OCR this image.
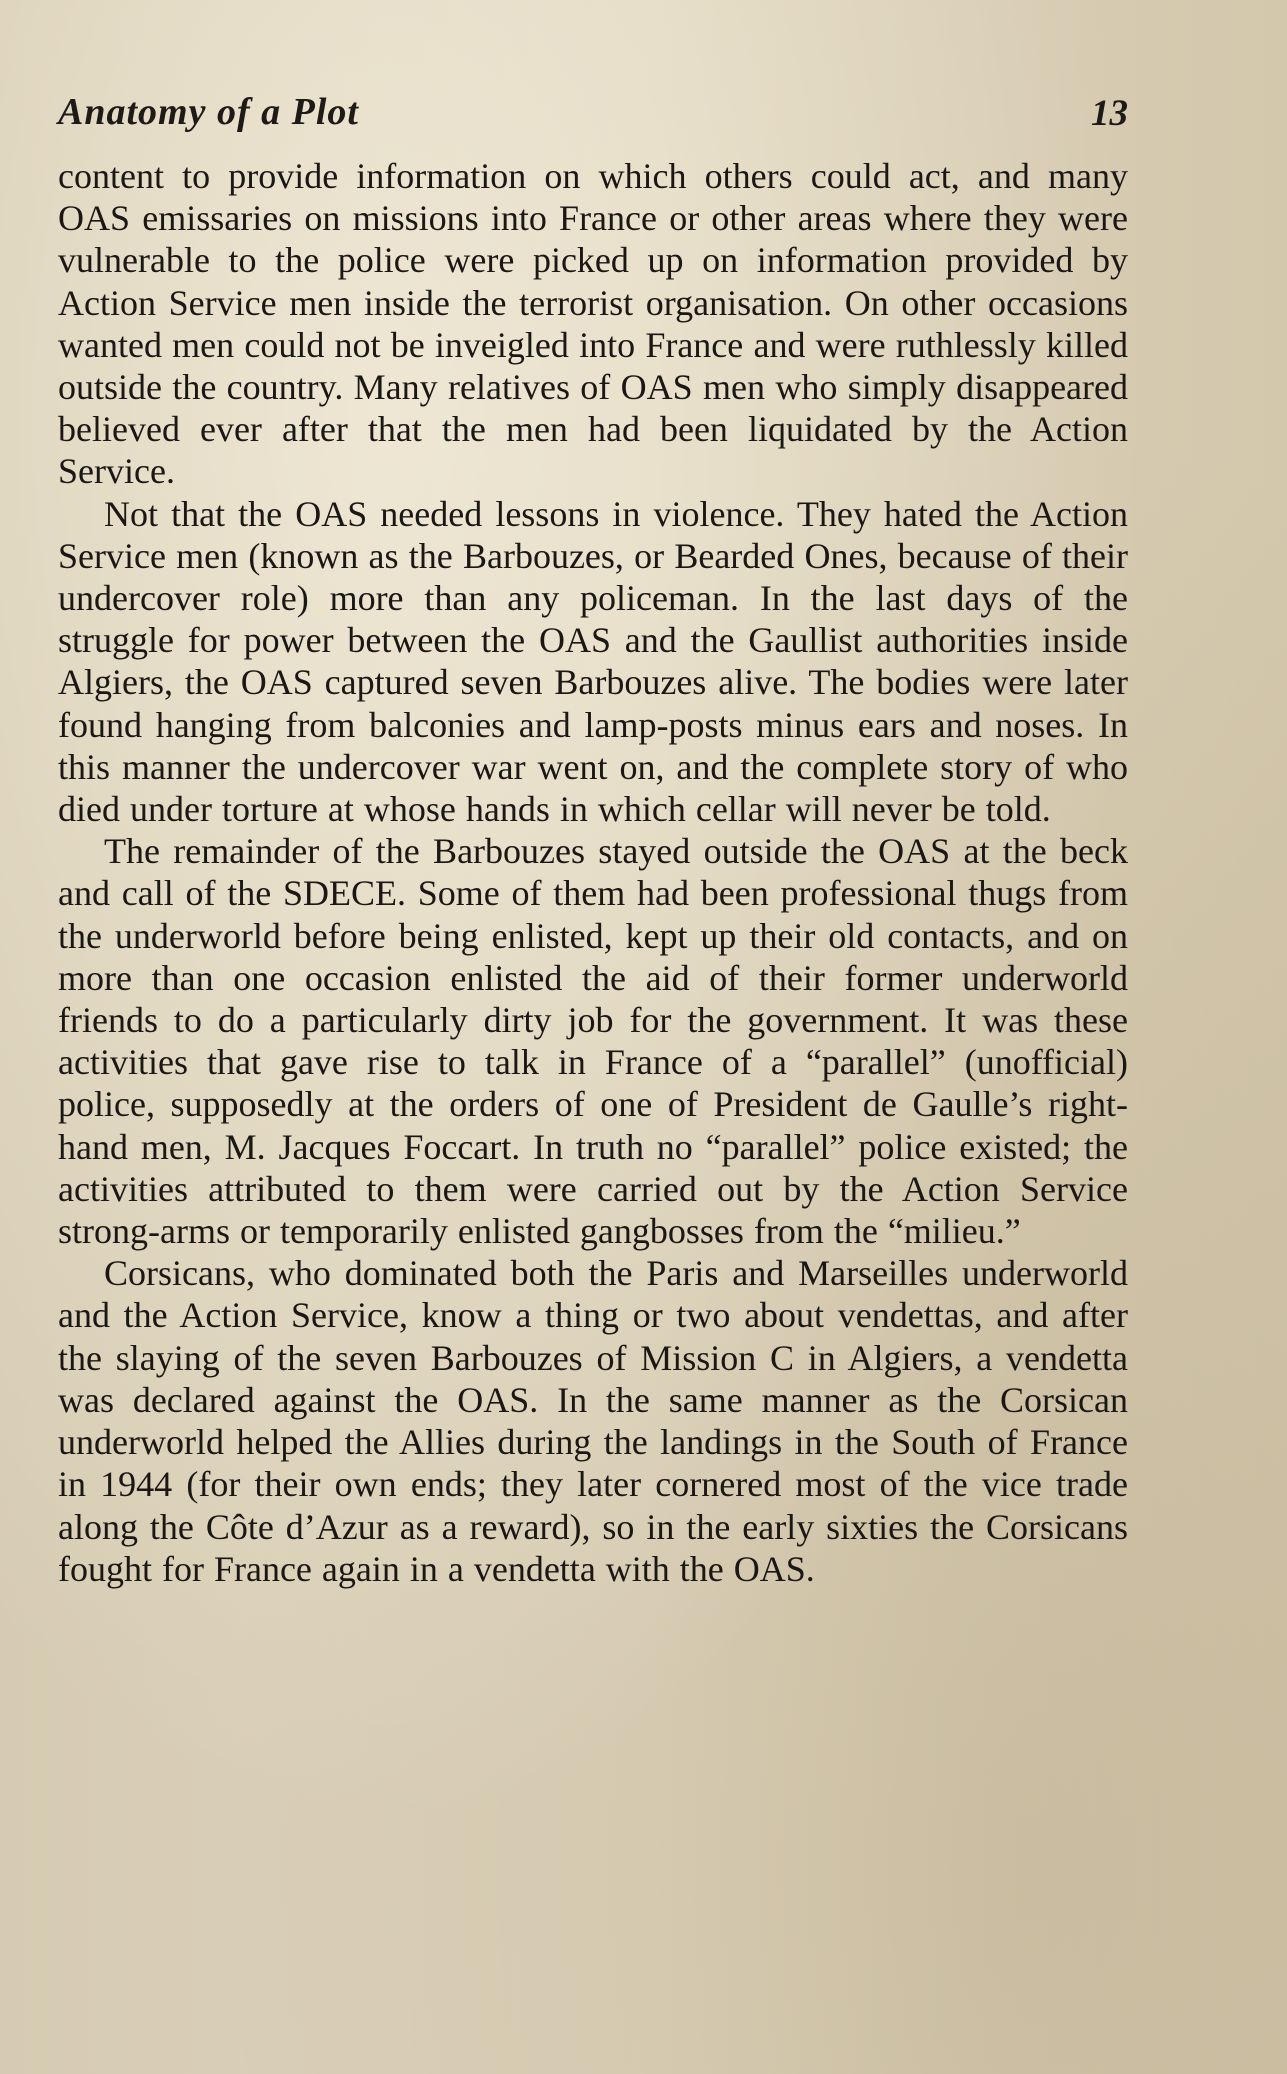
Anatomy of a Plot	13

content to provide information on which others could act, and many OAS emissaries on missions into France or other areas where they were vulnerable to the police were picked up on information provided by Action Service men inside the terrorist organisation. On other occasions wanted men could not be inveigled into France and were ruthlessly killed outside the country. Many relatives of OAS men who simply disappeared believed ever after that the men had been liquidated by the Action Service.

Not that the OAS needed lessons in violence. They hated the Action Service men (known as the Barbouzes, or Bearded Ones, because of their undercover role) more than any policeman. In the last days of the struggle for power between the OAS and the Gaullist authorities inside Algiers, the OAS captured seven Barbouzes alive. The bodies were later found hanging from balconies and lamp-posts minus ears and noses. In this manner the undercover war went on, and the complete story of who died under torture at whose hands in which cellar will never be told.

The remainder of the Barbouzes stayed outside the OAS at the beck and call of the SDECE. Some of them had been professional thugs from the underworld before being enlisted, kept up their old contacts, and on more than one occasion enlisted the aid of their former underworld friends to do a particularly dirty job for the government. It was these activities that gave rise to talk in France of a “parallel” (unofficial) police, supposedly at the orders of one of President de Gaulle’s right-hand men, M. Jacques Foccart. In truth no “parallel” police existed; the activities attributed to them were carried out by the Action Service strong-arms or temporarily enlisted gangbosses from the “milieu.”

Corsicans, who dominated both the Paris and Marseilles underworld and the Action Service, know a thing or two about vendettas, and after the slaying of the seven Barbouzes of Mission C in Algiers, a vendetta was declared against the OAS. In the same manner as the Corsican underworld helped the Allies during the landings in the South of France in 1944 (for their own ends; they later cornered most of the vice trade along the Côte d’Azur as a reward), so in the early sixties the Corsicans fought for France again in a vendetta with the OAS.
